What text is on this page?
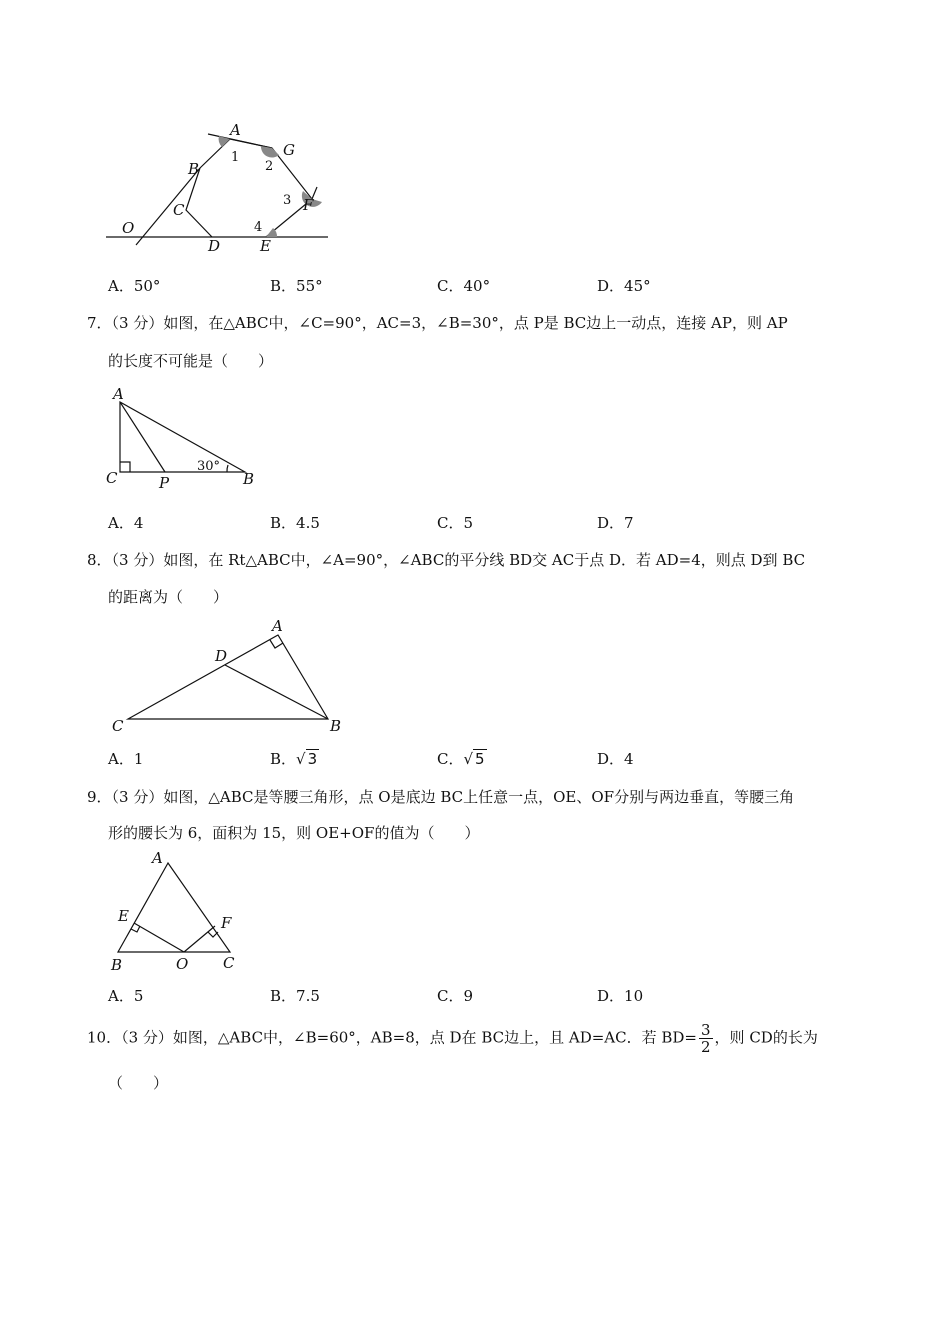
A
B
C
D	E
F
G
O
1
2
3
4
A．50°	B．55°	C．40°	D．45°
7．（3 分）如图，在△ABC中，∠C=90°，AC=3，∠B=30°，点 P是 BC边上一动点，连接 AP，则 AP
的长度不可能是（　　）
A
C	P	B
30°
A．4	B．4.5	C．5	D．7
8．（3 分）如图，在 Rt△ABC中，∠A=90°，∠ABC的平分线 BD交 AC于点 D．若 AD=4，则点 D到 BC
的距离为（　　）
A
D
C	B
A．1	B．√ 3	C．√ 5	D．4
9．（3 分）如图，△ABC是等腰三角形，点 O是底边 BC上任意一点，OE、OF分别与两边垂直，等腰三角
形的腰长为 6，面积为 15，则 OE+OF的值为（　　）
A
E	F
B	O C
A．5	B．7.5	C．9	D．10
10．（3 分）如图，△ABC中，∠B=60°，AB=8，点 D在 BC边上，且 AD=AC．若 $BD= \frac{3}{2}$ ，则 CD的长为
（　　）
